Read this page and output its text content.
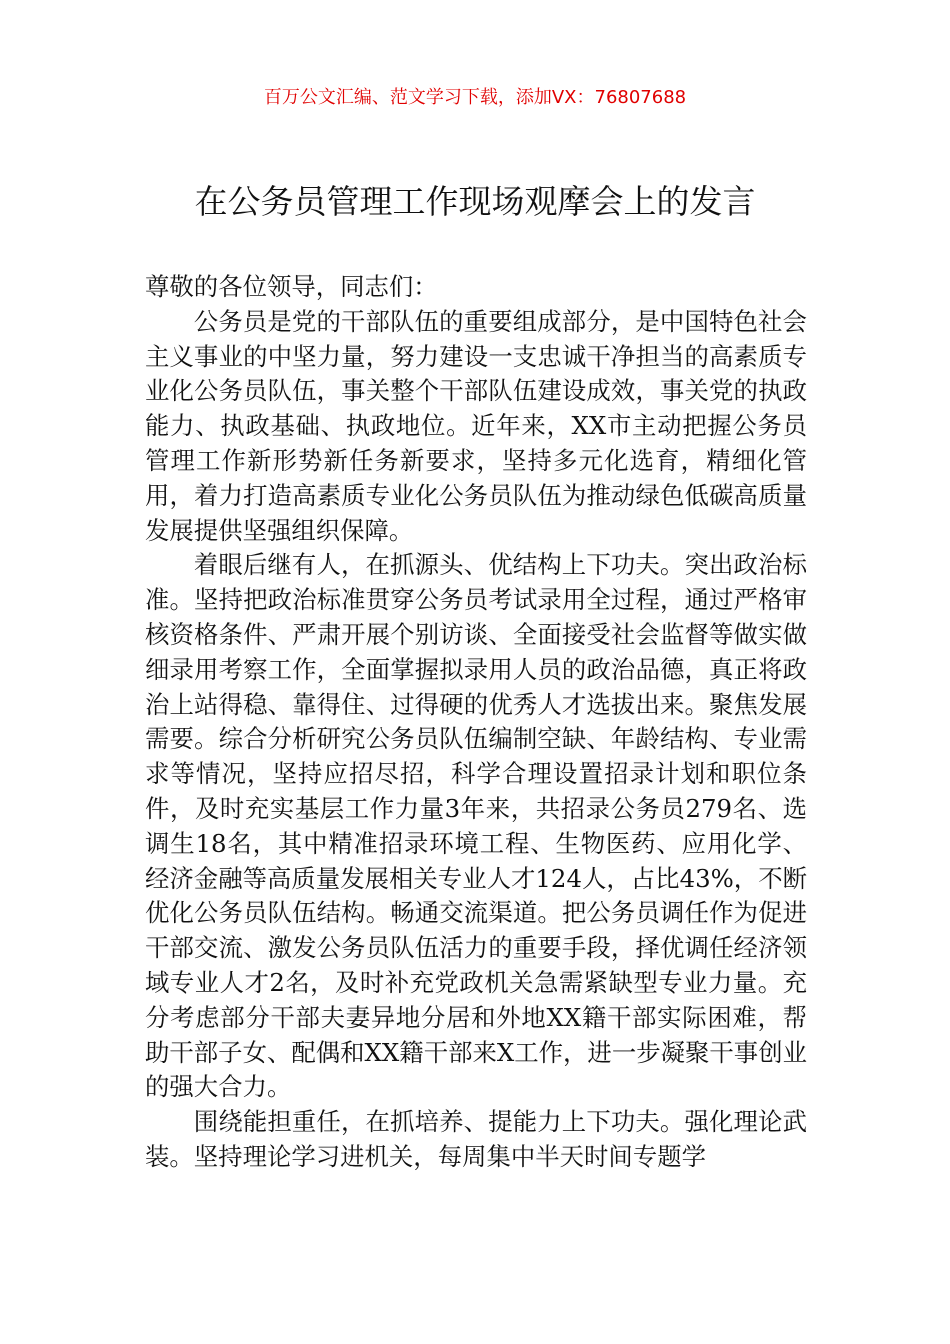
百万公文汇编、范文学习下载，添加VX：76807688
在公务员管理工作现场观摩会上的发言

尊敬的各位领导，同志们：

公务员是党的干部队伍的重要组成部分，是中国特色社会主义事业的中坚力量，努力建设一支忠诚干净担当的高素质专业化公务员队伍，事关整个干部队伍建设成效，事关党的执政能力、执政基础、执政地位。近年来，XX市主动把握公务员管理工作新形势新任务新要求，坚持多元化选育，精细化管用，着力打造高素质专业化公务员队伍为推动绿色低碳高质量发展提供坚强组织保障。

着眼后继有人，在抓源头、优结构上下功夫。突出政治标准。坚持把政治标准贯穿公务员考试录用全过程，通过严格审核资格条件、严肃开展个别访谈、全面接受社会监督等做实做细录用考察工作，全面掌握拟录用人员的政治品德，真正将政治上站得稳、靠得住、过得硬的优秀人才选拔出来。聚焦发展需要。综合分析研究公务员队伍编制空缺、年龄结构、专业需求等情况，坚持应招尽招，科学合理设置招录计划和职位条件，及时充实基层工作力量3年来，共招录公务员279名、选调生18名，其中精准招录环境工程、生物医药、应用化学、经济金融等高质量发展相关专业人才124人，占比43%，不断优化公务员队伍结构。畅通交流渠道。把公务员调任作为促进干部交流、激发公务员队伍活力的重要手段，择优调任经济领域专业人才2名，及时补充党政机关急需紧缺型专业力量。充分考虑部分干部夫妻异地分居和外地XX籍干部实际困难，帮助干部子女、配偶和XX籍干部来X工作，进一步凝聚干事创业的强大合力。

围绕能担重任，在抓培养、提能力上下功夫。强化理论武装。坚持理论学习进机关，每周集中半天时间专题学
